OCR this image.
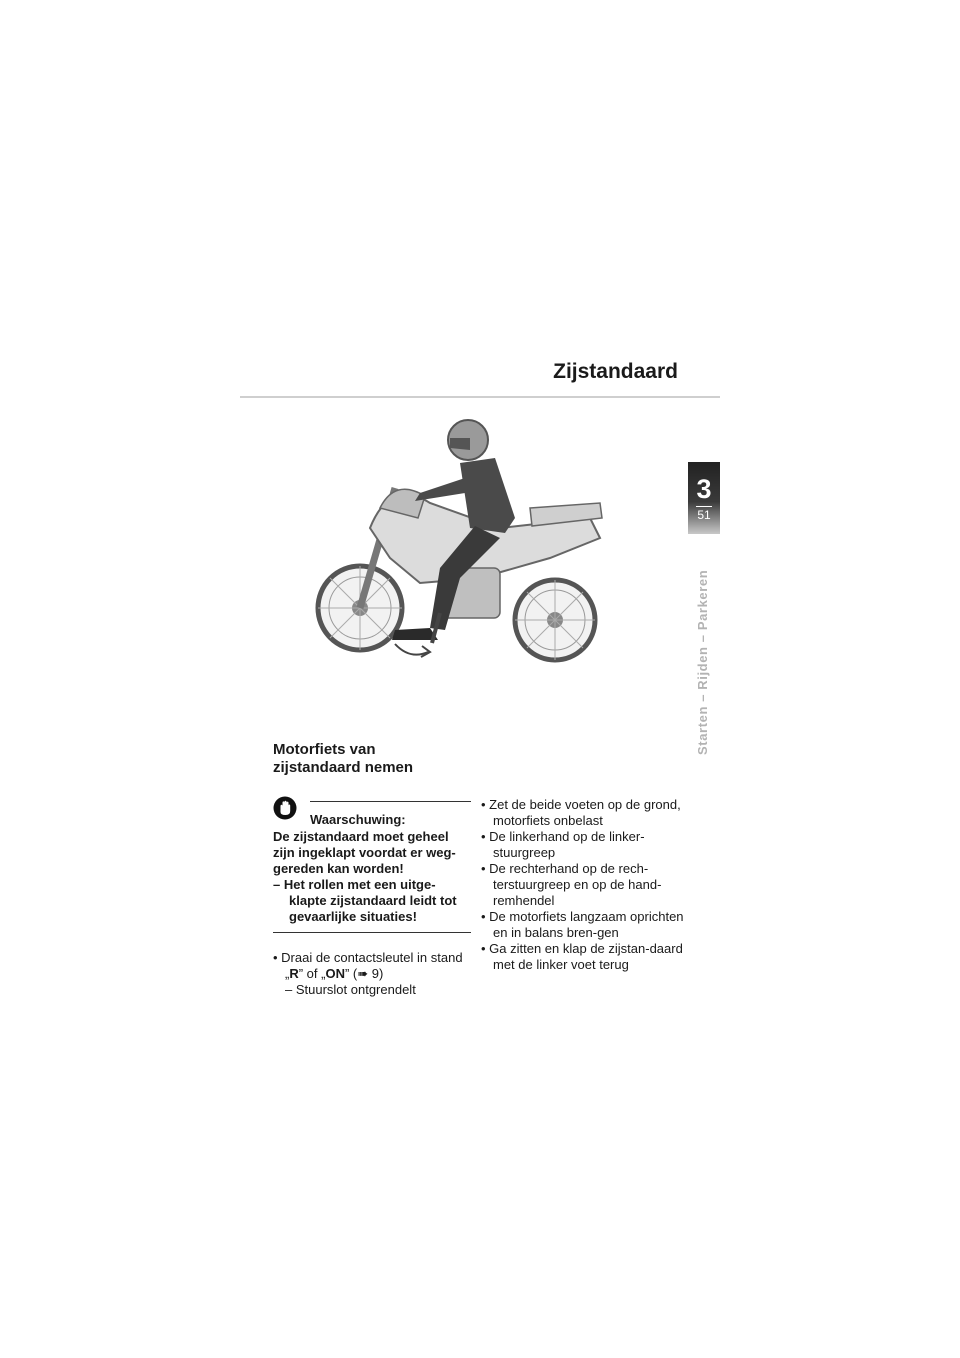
Zijstandaard
3
51
Starten – Rijden – Parkeren
Motorfiets van
zijstandaard nemen
Waarschuwing:
De zijstandaard moet geheel zijn ingeklapt voordat er weg-gereden kan worden!
– Het rollen met een uitge-klapte zijstandaard leidt tot gevaarlijke situaties!
• Draai de contactsleutel in stand „R” of „ON” (➠ 9)
– Stuurslot ontgrendelt
• Zet de beide voeten op de grond, motorfiets onbelast
• De linkerhand op de linker-stuurgreep
• De rechterhand op de rech-terstuurgreep en op de hand-remhendel
• De motorfiets langzaam oprichten en in balans bren-gen
• Ga zitten en klap de zijstan-daard met de linker voet terug
